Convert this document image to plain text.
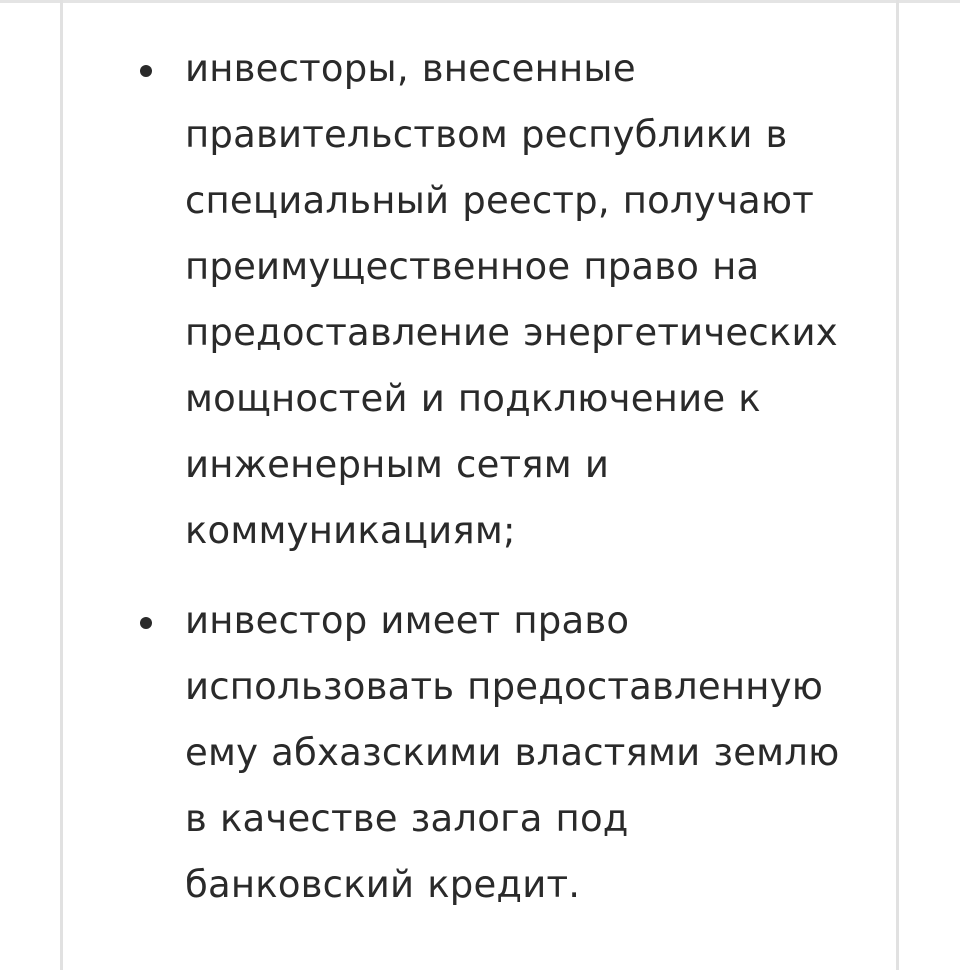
инвесторы, внесенные правительством республики в специальный реестр, получают преимущественное право на предоставление энергетических мощностей и подключение к инженерным сетям и коммуникациям;
инвестор имеет право использовать предоставленную ему абхазскими властями землю в качестве залога под банковский кредит.
